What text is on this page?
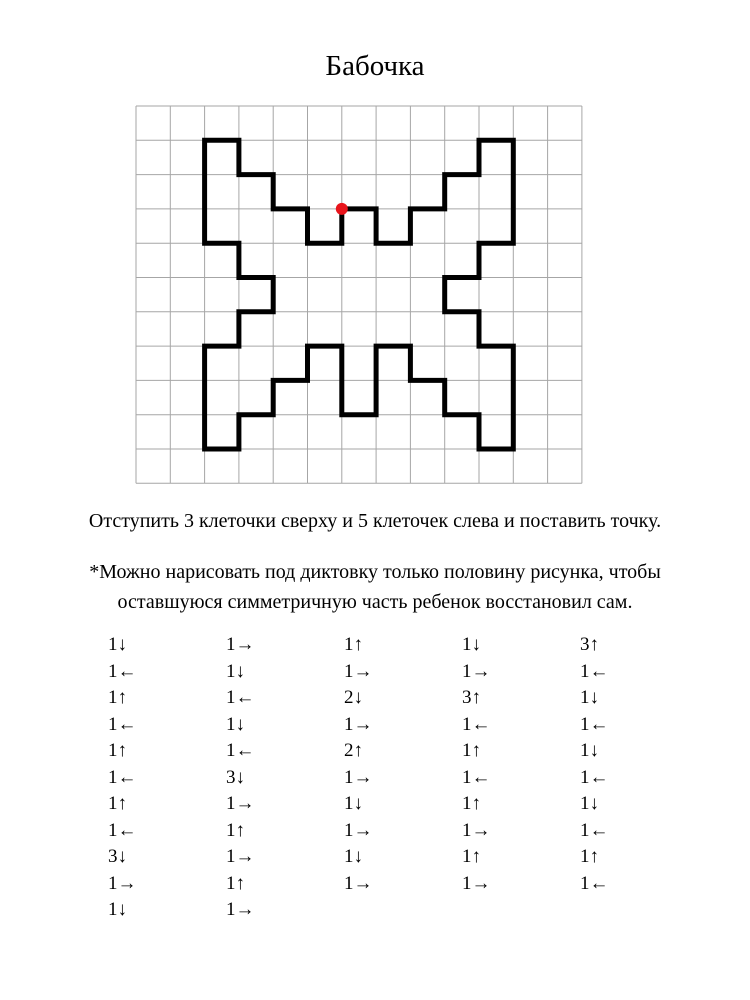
Бабочка
Отступить 3 клеточки сверху и 5 клеточек слева и поставить точку.
*Можно нарисовать под диктовку только половину рисунка, чтобы
оставшуюся симметричную часть ребенок восстановил сам.
1↓
1←
1↑
1←
1↑
1←
1↑
1←
3↓
1→
1↓
1→
1↓
1←
1↓
1←
3↓
1→
1↑
1→
1↑
1→
1↑
1→
2↓
1→
2↑
1→
1↓
1→
1↓
1→
1↓
1→
3↑
1←
1↑
1←
1↑
1→
1↑
1→
3↑
1←
1↓
1←
1↓
1←
1↓
1←
1↑
1←
